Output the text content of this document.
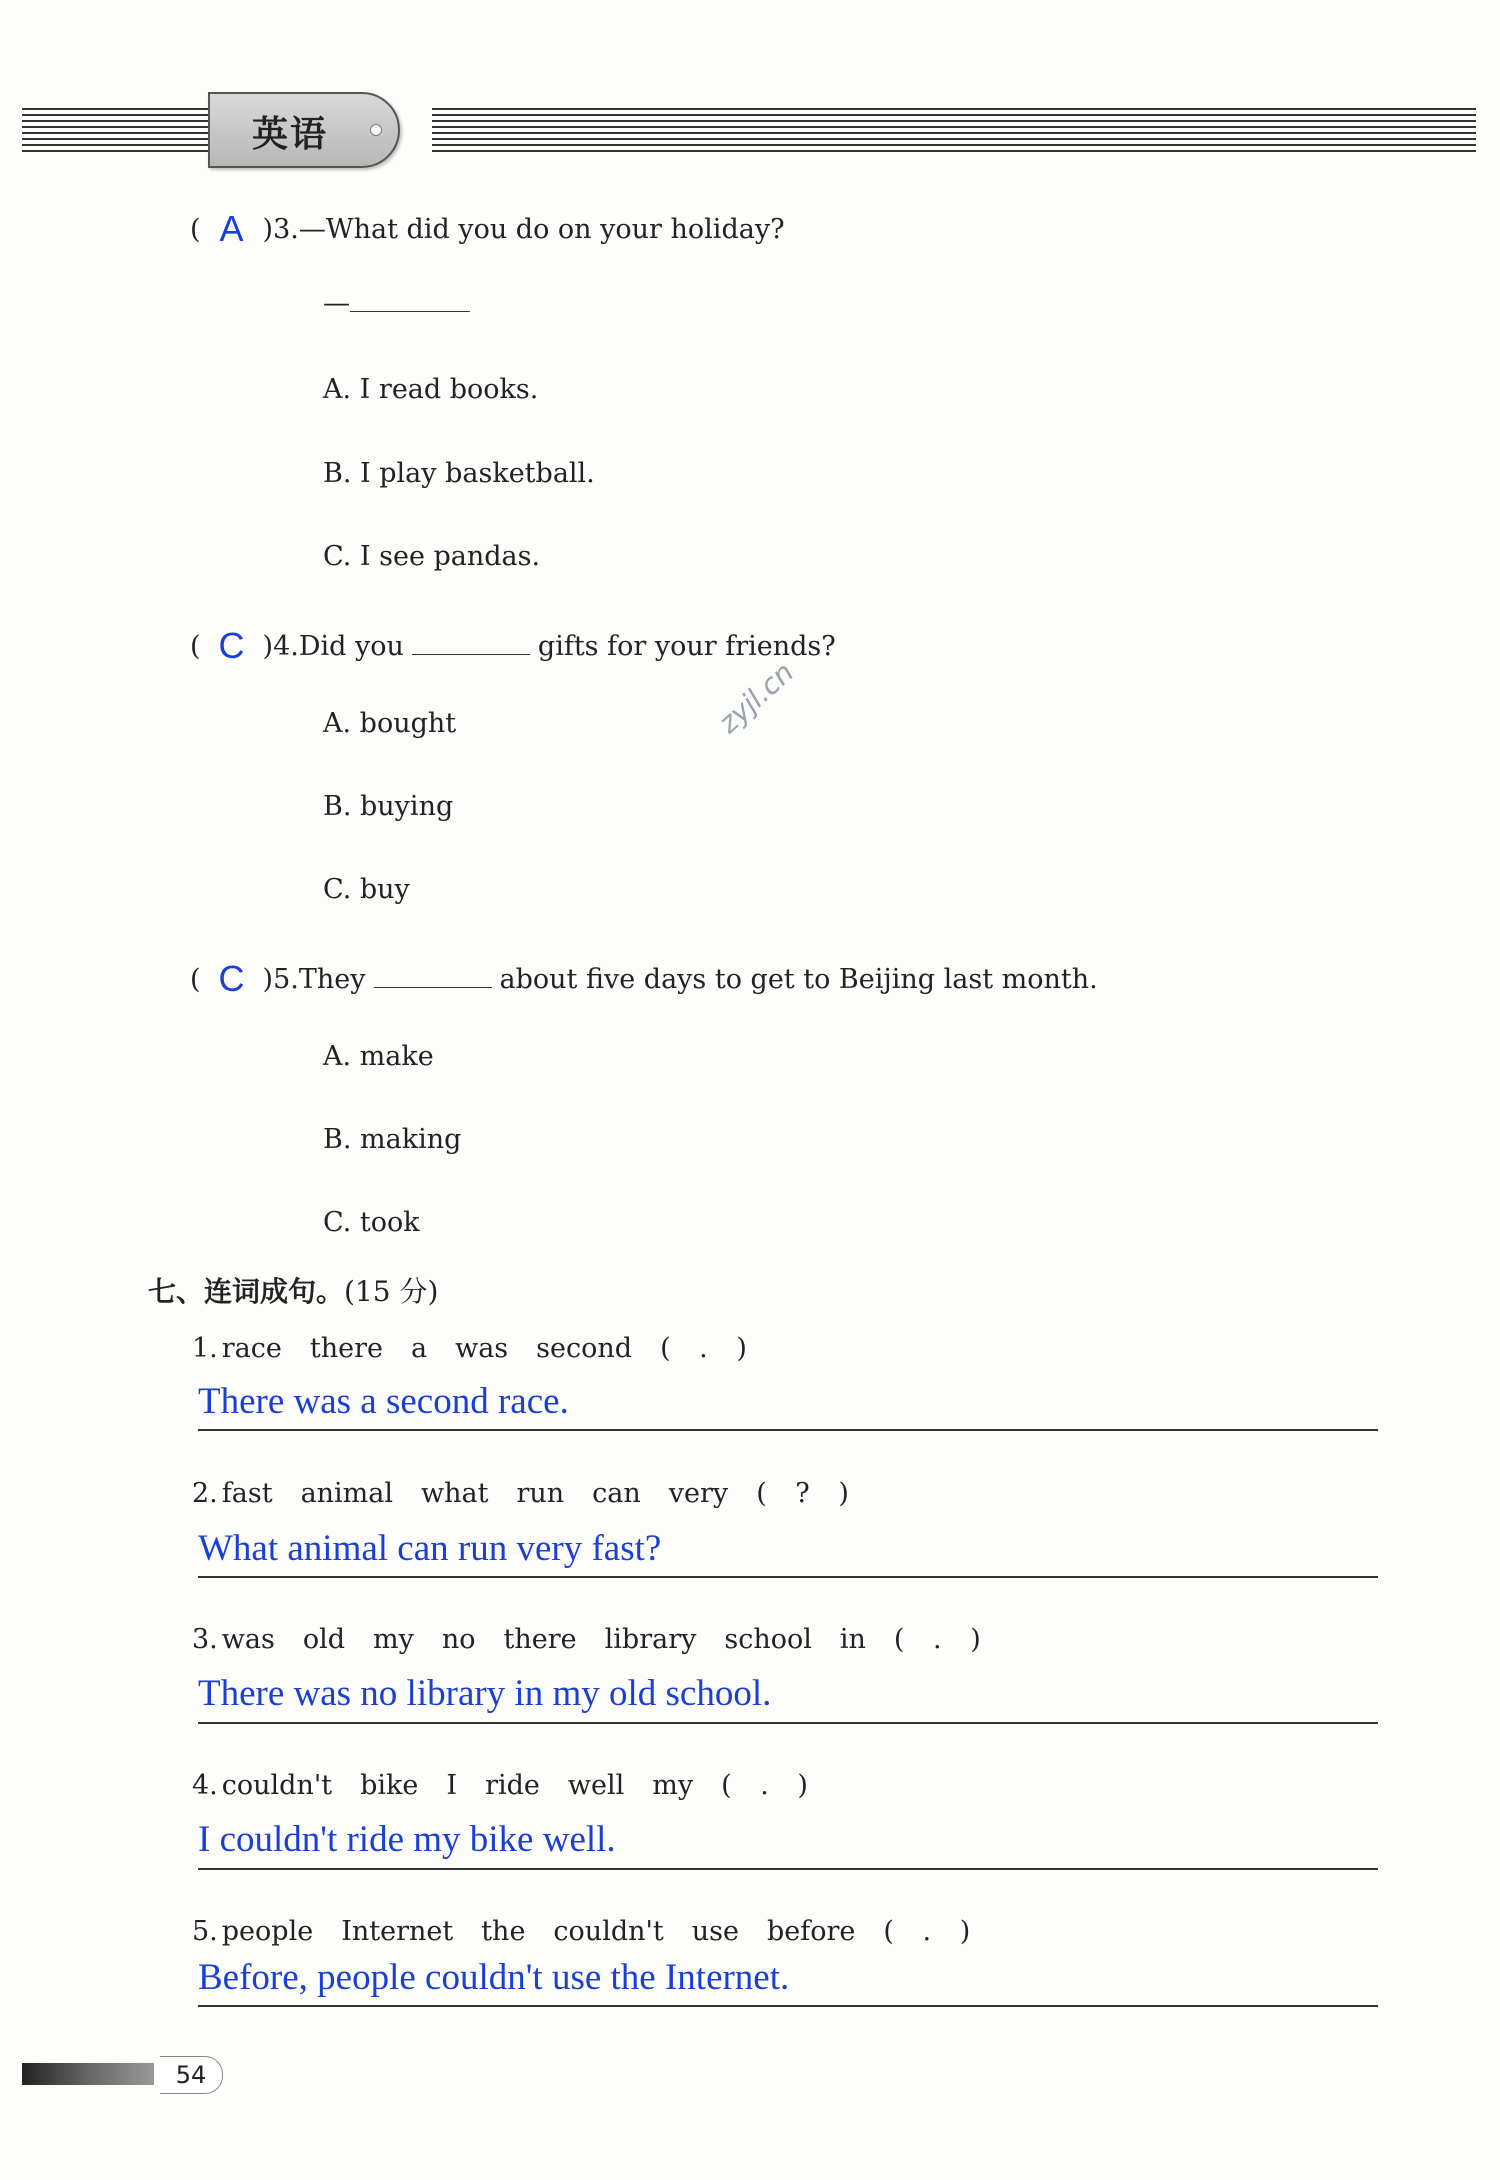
英语
( A )3.—What did you do on your holiday?
—
A. I read books.
B. I play basketball.
C. I see pandas.
( C )4.Did you	gifts for your friends?
A. bought
B. buying
C. buy
( C )5.They	about five days to get to Beijing last month.
A. make
B. making
C. took
zyjl.cn
七、连词成句。(15 分)
1. race there a was second ( . )
There was a second race.
2. fast animal what run can very ( ? )
What animal can run very fast?
3. was old my no there library school in ( . )
There was no library in my old school.
4. couldn't bike I ride well my ( . )
I couldn't ride my bike well.
5. people Internet the couldn't use before ( . )
Before, people couldn't use the Internet.
54
